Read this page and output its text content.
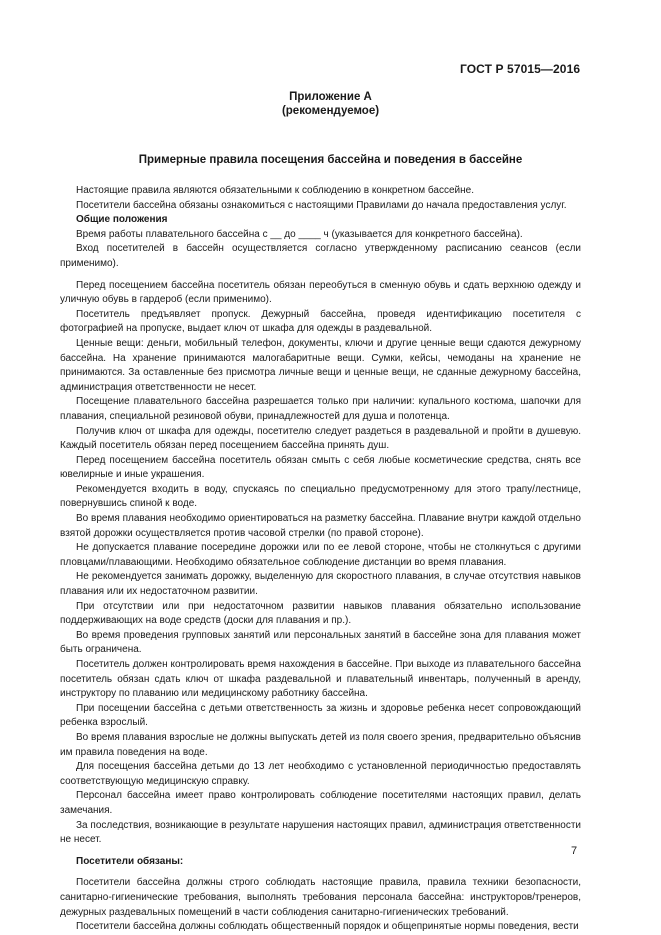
ГОСТ Р 57015—2016
Приложение А
(рекомендуемое)
Примерные правила посещения бассейна и поведения в бассейне

Настоящие правила являются обязательными к соблюдению в конкретном бассейне.

Посетители бассейна обязаны ознакомиться с настоящими Правилами до начала предоставления услуг.

Общие положения

Время работы плавательного бассейна с __ до ____ ч (указывается для конкретного бассейна).

Вход посетителей в бассейн осуществляется согласно утвержденному расписанию сеансов (если применимо).

Перед посещением бассейна посетитель обязан переобуться в сменную обувь и сдать верхнюю одежду и уличную обувь в гардероб (если применимо).

Посетитель предъявляет пропуск. Дежурный бассейна, проведя идентификацию посетителя с фотографией на пропуске, выдает ключ от шкафа для одежды в раздевальной.

Ценные вещи: деньги, мобильный телефон, документы, ключи и другие ценные вещи сдаются дежурному бассейна. На хранение принимаются малогабаритные вещи. Сумки, кейсы, чемоданы на хранение не принимаются. За оставленные без присмотра личные вещи и ценные вещи, не сданные дежурному бассейна, администрация ответственности не несет.

Посещение плавательного бассейна разрешается только при наличии: купального костюма, шапочки для плавания, специальной резиновой обуви, принадлежностей для душа и полотенца.

Получив ключ от шкафа для одежды, посетителю следует раздеться в раздевальной и пройти в душевую. Каждый посетитель обязан перед посещением бассейна принять душ.

Перед посещением бассейна посетитель обязан смыть с себя любые косметические средства, снять все ювелирные и иные украшения.

Рекомендуется входить в воду, спускаясь по специально предусмотренному для этого трапу/лестнице, повернувшись спиной к воде.

Во время плавания необходимо ориентироваться на разметку бассейна. Плавание внутри каждой отдельно взятой дорожки осуществляется против часовой стрелки (по правой стороне).

Не допускается плавание посередине дорожки или по ее левой стороне, чтобы не столкнуться с другими пловцами/плавающими. Необходимо обязательное соблюдение дистанции во время плавания.

Не рекомендуется занимать дорожку, выделенную для скоростного плавания, в случае отсутствия навыков плавания или их недостаточном развитии.

При отсутствии или при недостаточном развитии навыков плавания обязательно использование поддерживающих на воде средств (доски для плавания и пр.).

Во время проведения групповых занятий или персональных занятий в бассейне зона для плавания может быть ограничена.

Посетитель должен контролировать время нахождения в бассейне. При выходе из плавательного бассейна посетитель обязан сдать ключ от шкафа раздевальной и плавательный инвентарь, полученный в аренду, инструктору по плаванию или медицинскому работнику бассейна.

При посещении бассейна с детьми ответственность за жизнь и здоровье ребенка несет сопровождающий ребенка взрослый.

Во время плавания взрослые не должны выпускать детей из поля своего зрения, предварительно объяснив им правила поведения на воде.

Для посещения бассейна детьми до 13 лет необходимо с установленной периодичностью предоставлять соответствующую медицинскую справку.

Персонал бассейна имеет право контролировать соблюдение посетителями настоящих правил, делать замечания.

За последствия, возникающие в результате нарушения настоящих правил, администрация ответственности не несет.

Посетители обязаны:

Посетители бассейна должны строго соблюдать настоящие правила, правила техники безопасности, санитарно-гигиенические требования, выполнять требования персонала бассейна: инструкторов/тренеров, дежурных раздевальных помещений в части соблюдения санитарно-гигиенических требований.

Посетители бассейна должны соблюдать общественный порядок и общепринятые нормы поведения, вести

7
